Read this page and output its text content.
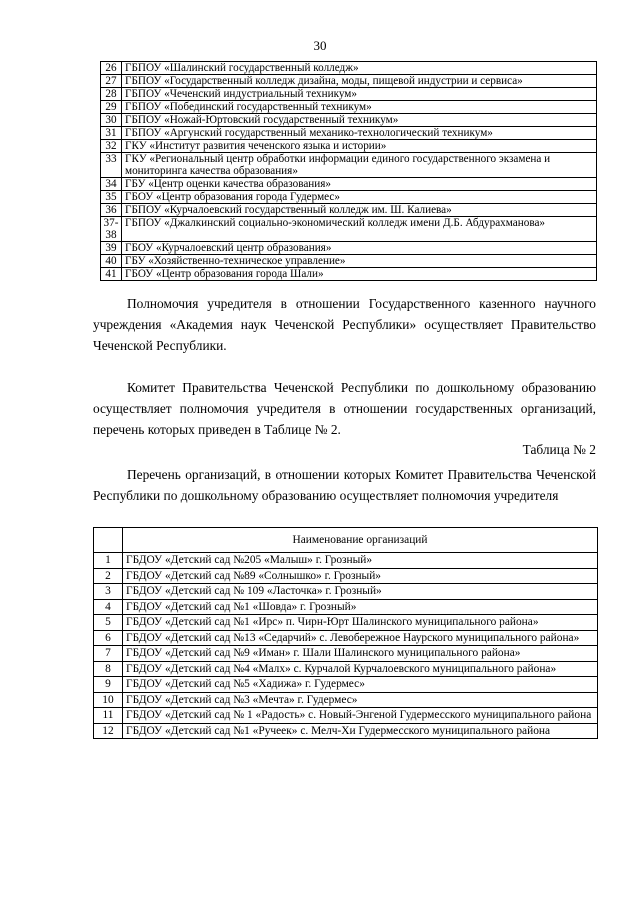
30
26	ГБПОУ «Шалинский государственный колледж»
27	ГБПОУ «Государственный колледж дизайна, моды, пищевой индустрии и сервиса»
28	ГБПОУ «Чеченский индустриальный техникум»
29	ГБПОУ «Побединский государственный техникум»
30	ГБПОУ «Ножай-Юртовский государственный техникум»
31	ГБПОУ «Аргунский государственный механико-технологический техникум»
32	ГКУ «Институт развития чеченского языка и истории»
33	ГКУ «Региональный центр обработки информации единого государственного экзамена и мониторинга качества образования»
34	ГБУ «Центр оценки качества образования»
35	ГБОУ «Центр образования города Гудермес»
36	ГБПОУ «Курчалоевский государственный колледж им. Ш. Калиева»
37-38	ГБПОУ «Джалкинский социально-экономический колледж имени Д.Б. Абдурахманова»
39	ГБОУ «Курчалоевский центр образования»
40	ГБУ «Хозяйственно-техническое управление»
41	ГБОУ «Центр образования города Шали»

Полномочия учредителя в отношении Государственного казенного научного учреждения «Академия наук Чеченской Республики» осуществляет Правительство Чеченской Республики.

Комитет Правительства Чеченской Республики по дошкольному образованию осуществляет полномочия учредителя в отношении государственных организаций, перечень которых приведен в Таблице № 2.

Таблица № 2

Перечень организаций, в отношении которых Комитет Правительства Чеченской Республики по дошкольному образованию осуществляет полномочия учредителя

	Наименование организаций
1	ГБДОУ «Детский сад №205 «Малыш» г. Грозный»
2	ГБДОУ «Детский сад №89 «Солнышко» г. Грозный»
3	ГБДОУ «Детский сад № 109 «Ласточка» г. Грозный»
4	ГБДОУ «Детский сад №1 «Шовда» г. Грозный»
5	ГБДОУ «Детский сад №1 «Ирс» п. Чирн-Юрт Шалинского муниципального района»
6	ГБДОУ «Детский сад №13 «Седарчий» с. Левобережное Наурского муниципального района»
7	ГБДОУ «Детский сад №9 «Иман» г. Шали Шалинского муниципального района»
8	ГБДОУ «Детский сад №4 «Малх» с. Курчалой Курчалоевского муниципального района»
9	ГБДОУ «Детский сад №5 «Хадижа» г. Гудермес»
10	ГБДОУ «Детский сад №3 «Мечта» г. Гудермес»
11	ГБДОУ «Детский сад № 1 «Радость» с. Новый-Энгеной Гудермесского муниципального района
12	ГБДОУ «Детский сад №1 «Ручеек» с. Мелч-Хи Гудермесского муниципального района
